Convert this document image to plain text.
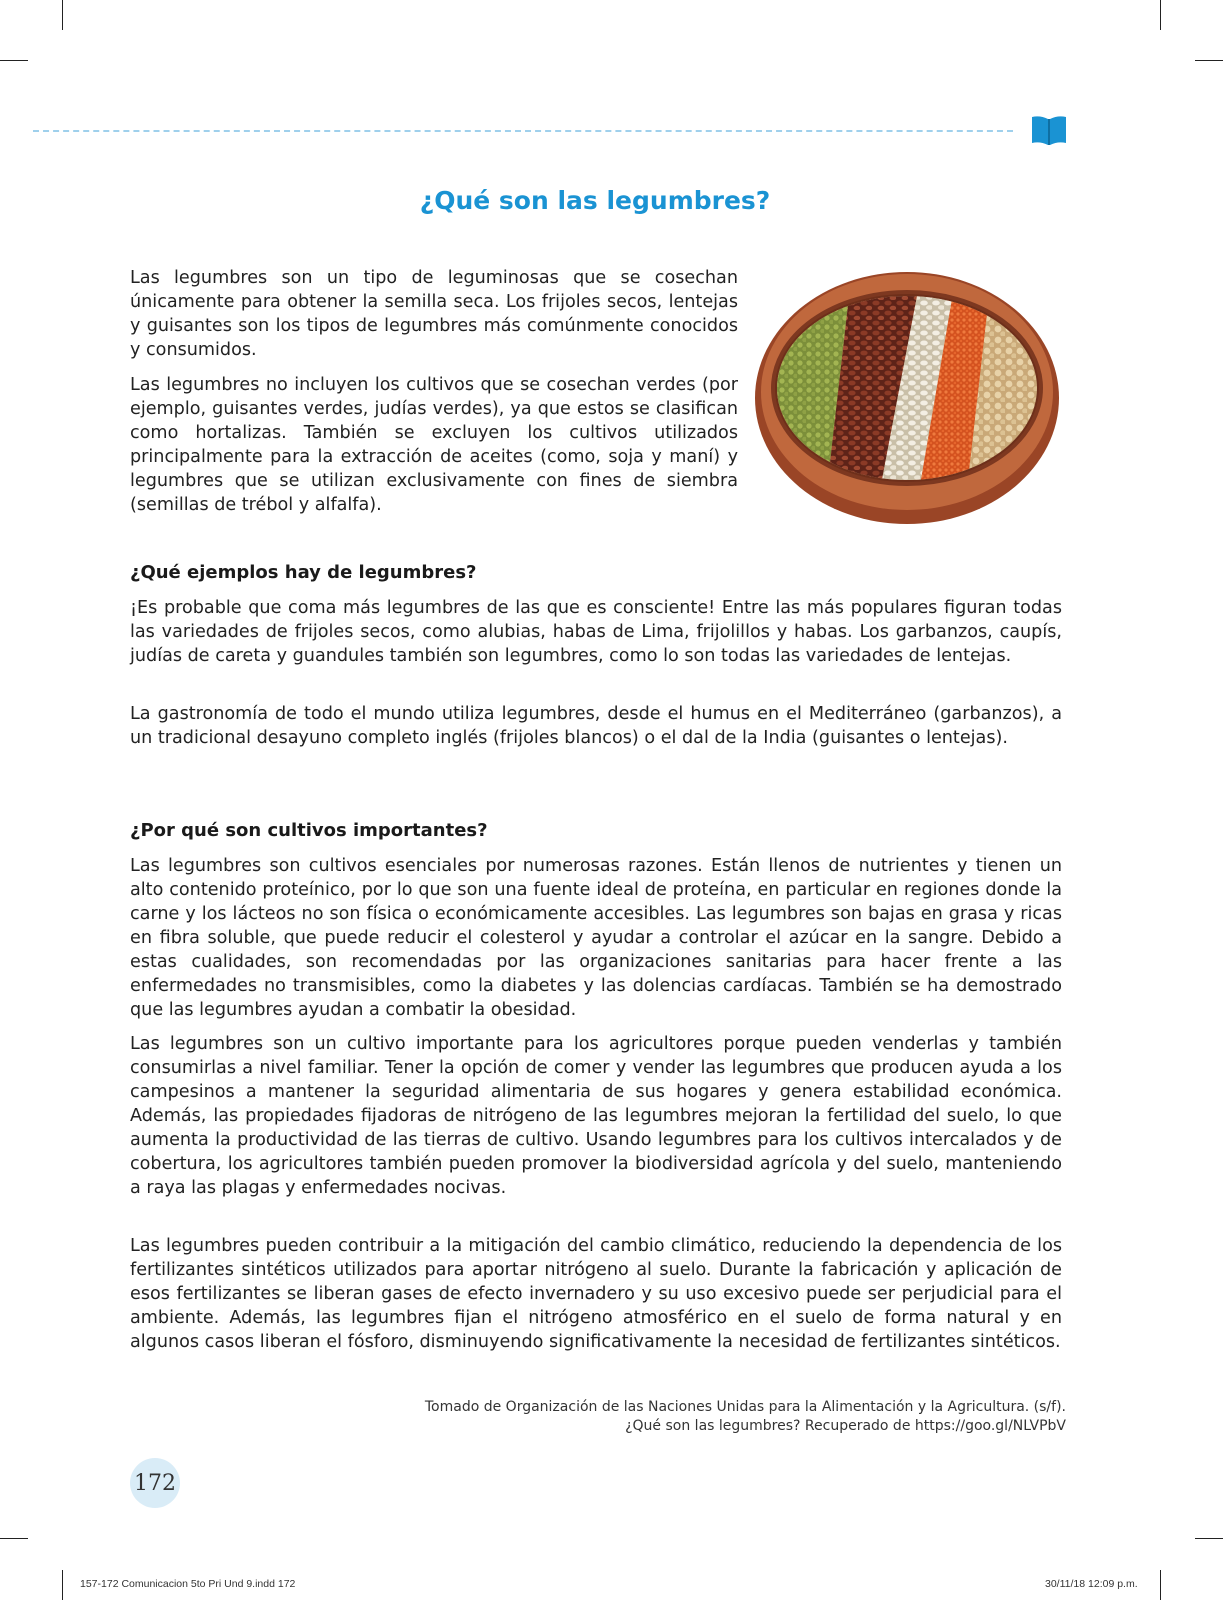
¿Qué son las legumbres?

Las legumbres son un tipo de leguminosas que se cosechan únicamente para obtener la semilla seca. Los frijoles secos, lentejas y guisantes son los tipos de legumbres más comúnmente conocidos y consumidos.

Las legumbres no incluyen los cultivos que se cosechan verdes (por ejemplo, guisantes verdes, judías verdes), ya que estos se clasifican como hortalizas. También se excluyen los cultivos utilizados principalmente para la extracción de aceites (como, soja y maní) y legumbres que se utilizan exclusivamente con fines de siembra (semillas de trébol y alfalfa).

¿Qué ejemplos hay de legumbres?

¡Es probable que coma más legumbres de las que es consciente! Entre las más populares figuran todas las variedades de frijoles secos, como alubias, habas de Lima, frijolillos y habas. Los garbanzos, caupís, judías de careta y guandules también son legumbres, como lo son todas las variedades de lentejas.

La gastronomía de todo el mundo utiliza legumbres, desde el humus en el Mediterráneo (garbanzos), a un tradicional desayuno completo inglés (frijoles blancos) o el dal de la India (guisantes o lentejas).

¿Por qué son cultivos importantes?

Las legumbres son cultivos esenciales por numerosas razones. Están llenos de nutrientes y tienen un alto contenido proteínico, por lo que son una fuente ideal de proteína, en particular en regiones donde la carne y los lácteos no son física o económicamente accesibles. Las legumbres son bajas en grasa y ricas en fibra soluble, que puede reducir el colesterol y ayudar a controlar el azúcar en la sangre. Debido a estas cualidades, son recomendadas por las organizaciones sanitarias para hacer frente a las enfermedades no transmisibles, como la diabetes y las dolencias cardíacas. También se ha demostrado que las legumbres ayudan a combatir la obesidad.

Las legumbres son un cultivo importante para los agricultores porque pueden venderlas y también consumirlas a nivel familiar. Tener la opción de comer y vender las legumbres que producen ayuda a los campesinos a mantener la seguridad alimentaria de sus hogares y genera estabilidad económica. Además, las propiedades fijadoras de nitrógeno de las legumbres mejoran la fertilidad del suelo, lo que aumenta la productividad de las tierras de cultivo. Usando legumbres para los cultivos intercalados y de cobertura, los agricultores también pueden promover la biodiversidad agrícola y del suelo, manteniendo a raya las plagas y enfermedades nocivas.

Las legumbres pueden contribuir a la mitigación del cambio climático, reduciendo la dependencia de los fertilizantes sintéticos utilizados para aportar nitrógeno al suelo. Durante la fabricación y aplicación de esos fertilizantes se liberan gases de efecto invernadero y su uso excesivo puede ser perjudicial para el ambiente. Además, las legumbres fijan el nitrógeno atmosférico en el suelo de forma natural y en algunos casos liberan el fósforo, disminuyendo significativamente la necesidad de fertilizantes sintéticos.

Tomado de Organización de las Naciones Unidas para la Alimentación y la Agricultura. (s/f).
¿Qué son las legumbres? Recuperado de https://goo.gl/NLVPbV
172
157-172 Comunicacion 5to Pri Und 9.indd 172	30/11/18 12:09 p.m.
